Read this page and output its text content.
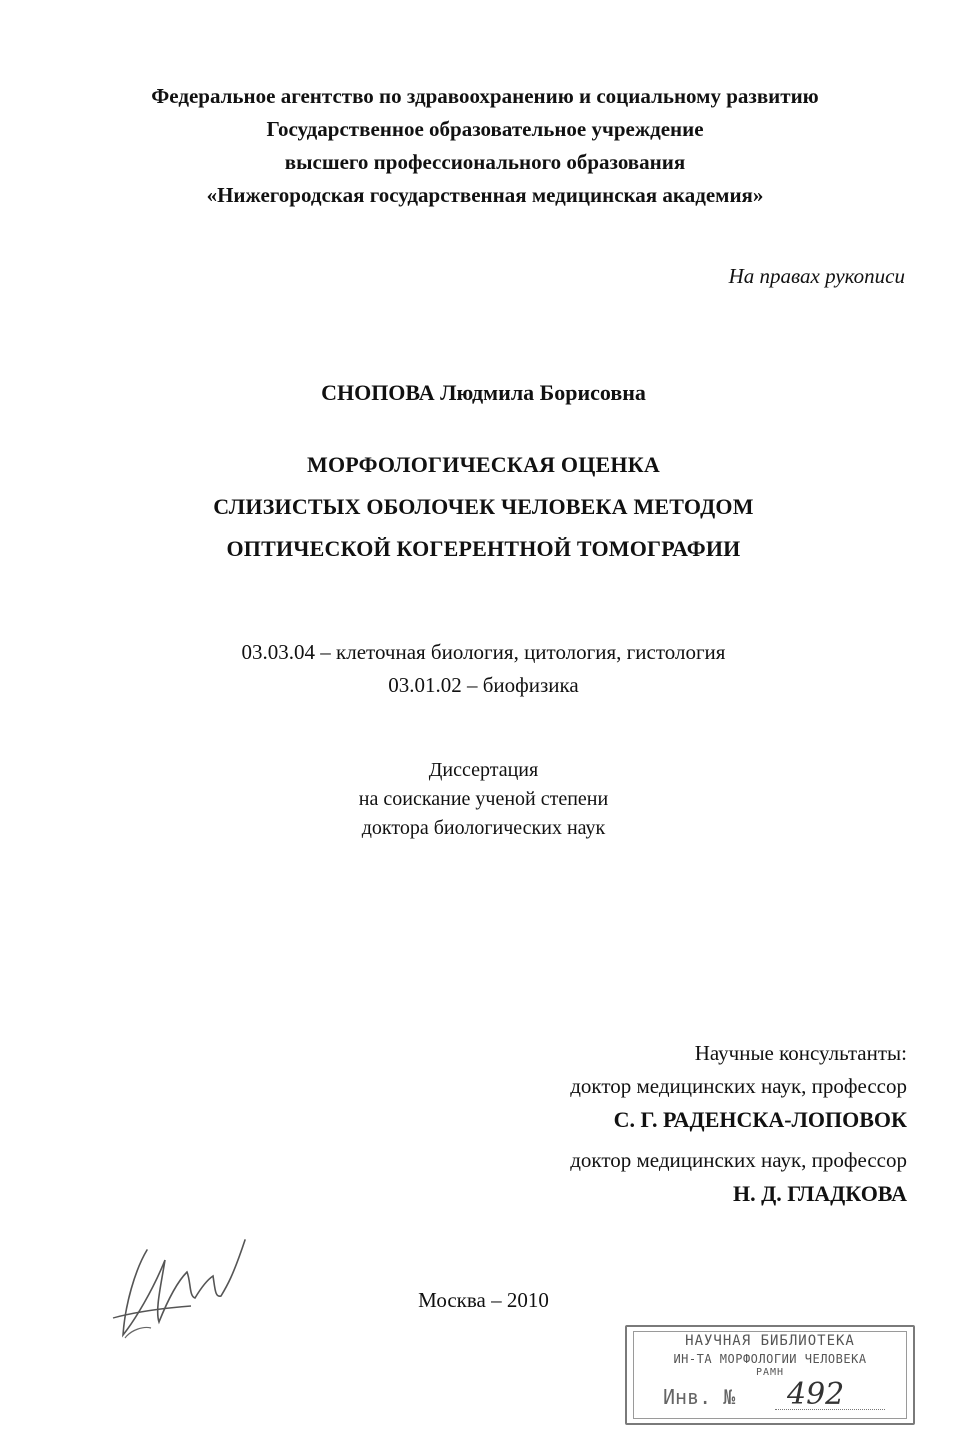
Федеральное агентство по здравоохранению и социальному развитию
Государственное образовательное учреждение
высшего профессионального образования
«Нижегородская государственная медицинская академия»
На правах рукописи
СНОПОВА Людмила Борисовна
МОРФОЛОГИЧЕСКАЯ ОЦЕНКА
СЛИЗИСТЫХ ОБОЛОЧЕК ЧЕЛОВЕКА МЕТОДОМ
ОПТИЧЕСКОЙ КОГЕРЕНТНОЙ ТОМОГРАФИИ
03.03.04 – клеточная биология, цитология, гистология
03.01.02 – биофизика
Диссертация
на соискание ученой степени
доктора биологических наук
Научные консультанты:
доктор медицинских наук, профессор
С. Г. РАДЕНСКА-ЛОПОВОК
доктор медицинских наук, профессор
Н. Д. ГЛАДКОВА
Москва – 2010
НАУЧНАЯ БИБЛИОТЕКА
ИН-ТА МОРФОЛОГИИ ЧЕЛОВЕКА
РАМН
Инв. № 492
